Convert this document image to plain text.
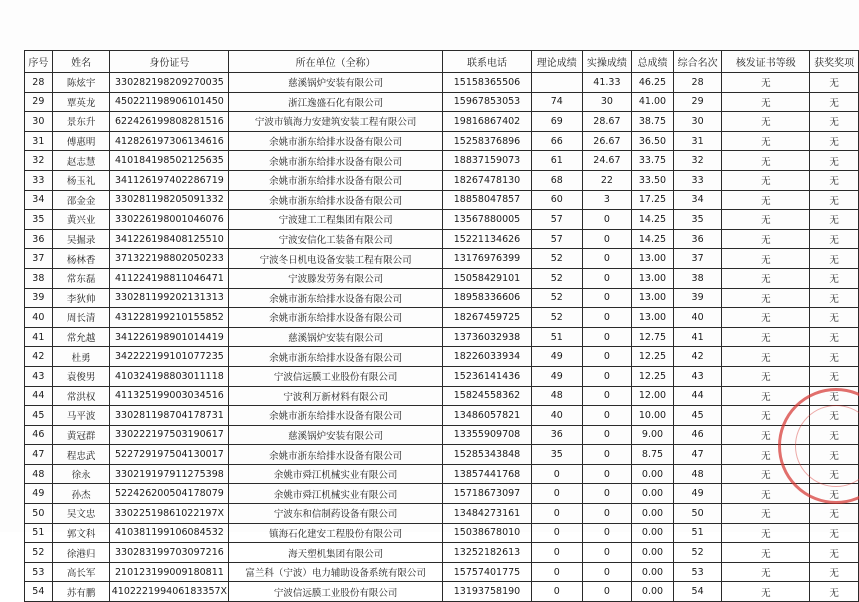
序号	姓名	身份证号	所在单位（全称）	联系电话	理论成绩	实操成绩	总成绩	综合名次	核发证书等级	获奖奖项
28	陈炫宇	330282198209270035	慈溪锅炉安装有限公司	15158365506		41.33	46.25	28	无	无
29	覃英龙	450221198906101450	浙江逸盛石化有限公司	15967853053	74	30	41.00	29	无	无
30	景东升	622426199808281516	宁波市镇海力安建筑安装工程有限公司	19816867402	69	28.67	38.75	30	无	无
31	傅惠明	412826197306134616	余姚市浙东给排水设备有限公司	15258376896	66	26.67	36.50	31	无	无
32	赵志慧	410184198502125635	余姚市浙东给排水设备有限公司	18837159073	61	24.67	33.75	32	无	无
33	杨玉礼	341126197402286719	余姚市浙东给排水设备有限公司	18267478130	68	22	33.50	33	无	无
34	邵金金	330281198205091332	余姚市浙东给排水设备有限公司	18858047857	60	3	17.25	34	无	无
35	黄兴业	330226198001046076	宁波建工工程集团有限公司	13567880005	57	0	14.25	35	无	无
36	吴掘录	341226198408125510	宁波安信化工装备有限公司	15221134626	57	0	14.25	36	无	无
37	杨林香	371322198802050233	宁波冬日机电设备安装工程有限公司	13176976399	52	0	13.00	37	无	无
38	常东磊	411224198811046471	宁波滕发劳务有限公司	15058429101	52	0	13.00	38	无	无
39	李狄帅	330281199202131313	余姚市浙东给排水设备有限公司	18958336606	52	0	13.00	39	无	无
40	周长清	431228199210155852	余姚市浙东给排水设备有限公司	18267459725	52	0	13.00	40	无	无
41	常允越	341226198901014419	慈溪锅炉安装有限公司	13736032938	51	0	12.75	41	无	无
42	杜勇	342222199101077235	余姚市浙东给排水设备有限公司	18226033934	49	0	12.25	42	无	无
43	袁俊男	410324198803011118	宁波信远膜工业股份有限公司	15236141436	49	0	12.25	43	无	无
44	常洪权	411325199003034516	宁波利万新材料有限公司	15824558362	48	0	12.00	44	无	无
45	马平波	330281198704178731	余姚市浙东给排水设备有限公司	13486057821	40	0	10.00	45	无	无
46	黄冠群	330222197503190617	慈溪锅炉安装有限公司	13355909708	36	0	9.00	46	无	无
47	程忠武	522729197504130017	余姚市浙东给排水设备有限公司	15285343848	35	0	8.75	47	无	无
48	徐永	330219197911275398	余姚市舜江机械实业有限公司	13857441768	0	0	0.00	48	无	无
49	孙杰	522426200504178079	余姚市舜江机械实业有限公司	15718673097	0	0	0.00	49	无	无
50	吴文忠	33022519861022197X	宁波东和信制药设备有限公司	13484273161	0	0	0.00	50	无	无
51	郭文科	410381199106084532	镇海石化建安工程股份有限公司	15038678010	0	0	0.00	51	无	无
52	徐港归	330283199703097216	海天塑机集团有限公司	13252182613	0	0	0.00	52	无	无
53	高长军	210123199009180811	富兰科（宁波）电力辅助设备系统有限公司	15757401775	0	0	0.00	53	无	无
54	苏有鹏	410222199406183357X	宁波信远膜工业股份有限公司	13193758190	0	0	0.00	54	无	无
